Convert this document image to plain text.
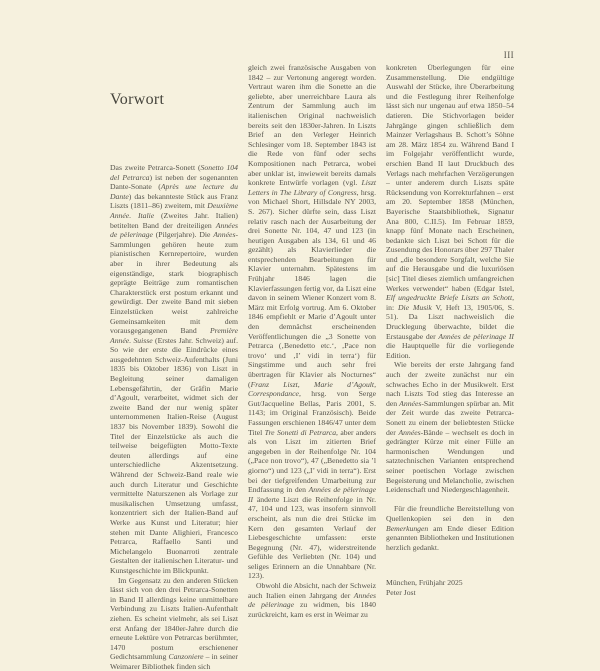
III
Vorwort

Das zweite Petrarca-Sonett (Sonetto 104 del Petrarca) ist neben der sogenannten Dante-Sonate (Après une lecture du Dante) das bekannteste Stück aus Franz Liszts (1811–86) zweitem, mit Deuxième Année. Italie (Zweites Jahr. Italien) betitelten Band der dreiteiligen Années de pèlerinage (Pilgerjahre). Die Années-Sammlungen gehören heute zum pianistischen Kernrepertoire, wurden aber in ihrer Bedeutung als eigenständige, stark biographisch geprägte Beiträge zum romantischen Charakterstück erst postum erkannt und gewürdigt. Der zweite Band mit sieben Einzelstücken weist zahlreiche Gemeinsamkeiten mit dem vorausgegangenen Band Première Année. Suisse (Erstes Jahr. Schweiz) auf. So wie der erste die Eindrücke eines ausgedehnten Schweiz-Aufenthalts (Juni 1835 bis Oktober 1836) von Liszt in Begleitung seiner damaligen Lebensgefährtin, der Gräfin Marie d’Agoult, verarbeitet, widmet sich der zweite Band der nur wenig später unternommenen Italien-Reise (August 1837 bis November 1839). Sowohl die Titel der Einzelstücke als auch die teilweise beigefügten Motto-Texte deuten allerdings auf eine unterschiedliche Akzentsetzung. Während der Schweiz-Band reale wie auch durch Literatur und Geschichte vermittelte Naturszenen als Vorlage zur musikalischen Umsetzung umfasst, konzentriert sich der Italien-Band auf Werke aus Kunst und Literatur; hier stehen mit Dante Alighieri, Francesco Petrarca, Raffaello Santi und Michelangelo Buonarroti zentrale Gestalten der italienischen Literatur- und Kunstgeschichte im Blickpunkt.

Im Gegensatz zu den anderen Stücken lässt sich von den drei Petrarca-Sonetten in Band II allerdings keine unmittelbare Verbindung zu Liszts Italien-Aufenthalt ziehen. Es scheint vielmehr, als sei Liszt erst Anfang der 1840er-Jahre durch die erneute Lektüre von Petrarcas berühmter, 1470 postum erschienener Gedichtsammlung Canzoniere – in seiner Weimarer Bibliothek finden sich

gleich zwei französische Ausgaben von 1842 – zur Vertonung angeregt worden. Vertraut waren ihm die Sonette an die geliebte, aber unerreichbare Laura als Zentrum der Sammlung auch im italienischen Original nachweislich bereits seit den 1830er-Jahren. In Liszts Brief an den Verleger Heinrich Schlesinger vom 18. September 1843 ist die Rede von fünf oder sechs Kompositionen nach Petrarca, wobei aber unklar ist, inwieweit bereits damals konkrete Entwürfe vorlagen (vgl. Liszt Letters in The Library of Congress, hrsg. von Michael Short, Hillsdale NY 2003, S. 267). Sicher dürfte sein, dass Liszt relativ rasch nach der Ausarbeitung der drei Sonette Nr. 104, 47 und 123 (in heutigen Ausgaben als 134, 61 und 46 gezählt) als Klavierlieder die entsprechenden Bearbeitungen für Klavier unternahm. Spätestens im Frühjahr 1846 lagen die Klavierfassungen fertig vor, da Liszt eine davon in seinem Wiener Konzert vom 8. März mit Erfolg vortrug. Am 6. Oktober 1846 empfiehlt er Marie d’Agoult unter den demnächst erscheinenden Veröffentlichungen die „3 Sonette von Petrarca (‚Benedetto etc.‘, ‚Pace non trovo‘ und ‚I’ vidi in terra‘) für Singstimme und auch sehr frei übertragen für Klavier als Nocturnes“ (Franz Liszt, Marie d’Agoult, Correspondance, hrsg. von Serge Gut/Jacqueline Bellas, Paris 2001, S. 1143; im Original Französisch). Beide Fassungen erschienen 1846/47 unter dem Titel Tre Sonetti di Petrarca, aber anders als von Liszt im zitierten Brief angegeben in der Reihenfolge Nr. 104 („Pace non trovo“), 47 („Benedetto sia ’l giorno“) und 123 („I’ vidi in terra“). Erst bei der tiefgreifenden Umarbeitung zur Endfassung in den Années de pèlerinage II änderte Liszt die Reihenfolge in Nr. 47, 104 und 123, was insofern sinnvoll erscheint, als nun die drei Stücke im Kern den gesamten Verlauf der Liebesgeschichte umfassen: erste Begegnung (Nr. 47), widerstreitende Gefühle des Verliebten (Nr. 104) und seliges Erinnern an die Unnahbare (Nr. 123).

Obwohl die Absicht, nach der Schweiz auch Italien einen Jahrgang der Années de pèlerinage zu widmen, bis 1840 zurückreicht, kam es erst in Weimar zu

konkreten Überlegungen für eine Zusammenstellung. Die endgültige Auswahl der Stücke, ihre Überarbeitung und die Festlegung ihrer Reihenfolge lässt sich nur ungenau auf etwa 1850–54 datieren. Die Stichvorlagen beider Jahrgänge gingen schließlich dem Mainzer Verlagshaus B. Schott’s Söhne am 28. März 1854 zu. Während Band I im Folgejahr veröffentlicht wurde, erschien Band II laut Druckbuch des Verlags nach mehrfachen Verzögerungen – unter anderem durch Liszts späte Rücksendung von Korrekturfahnen – erst am 20. September 1858 (München, Bayerische Staatsbibliothek, Signatur Ana 800, C.II.5). Im Februar 1859, knapp fünf Monate nach Erscheinen, bedankte sich Liszt bei Schott für die Zusendung des Honorars über 297 Thaler und „die besondere Sorgfalt, welche Sie auf die Herausgabe und die luxuriösen [sic] Titel dieses ziemlich umfangreichen Werkes verwendet“ haben (Edgar Istel, Elf ungedruckte Briefe Liszts an Schott, in: Die Musik V, Heft 13, 1905/06, S. 51). Da Liszt nachweislich die Drucklegung überwachte, bildet die Erstausgabe der Années de pèlerinage II die Hauptquelle für die vorliegende Edition.

Wie bereits der erste Jahrgang fand auch der zweite zunächst nur ein schwaches Echo in der Musikwelt. Erst nach Liszts Tod stieg das Interesse an den Années-Sammlungen spürbar an. Mit der Zeit wurde das zweite Petrarca-Sonett zu einem der beliebtesten Stücke der Années-Bände – wechselt es doch in gedrängter Kürze mit einer Fülle an harmonischen Wendungen und satztechnischen Varianten entsprechend seiner poetischen Vorlage zwischen Begeisterung und Melancholie, zwischen Leidenschaft und Niedergeschlagenheit.

Für die freundliche Bereitstellung von Quellenkopien sei den in den Bemerkungen am Ende dieser Edition genannten Bibliotheken und Institutionen herzlich gedankt.

München, Frühjahr 2025
Peter Jost
